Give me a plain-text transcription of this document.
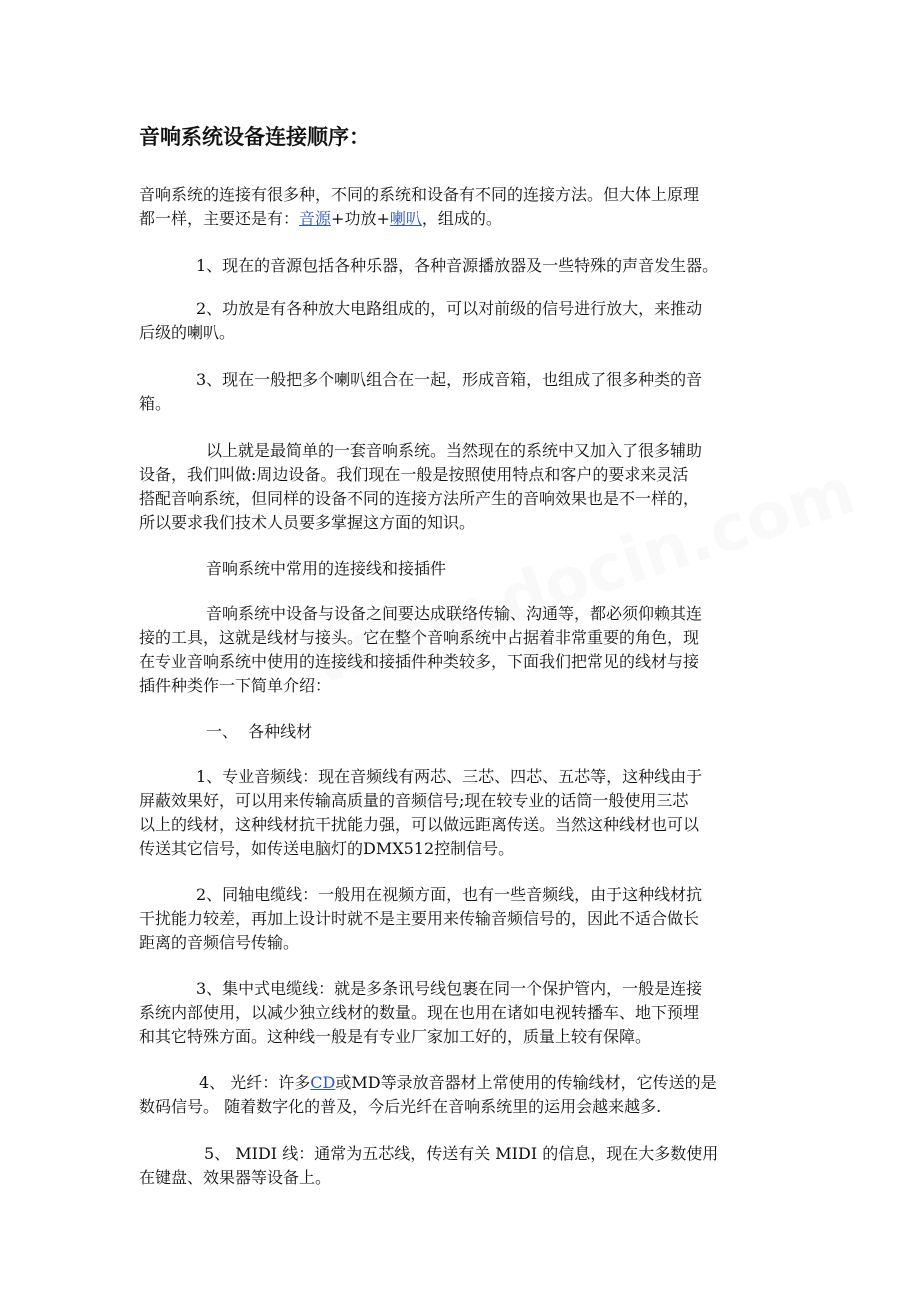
音响系统设备连接顺序：
音响系统的连接有很多种，不同的系统和设备有不同的连接方法。但大体上原理
都一样，主要还是有：音源+功放+喇叭，组成的。
1、现在的音源包括各种乐器，各种音源播放器及一些特殊的声音发生器。
2、功放是有各种放大电路组成的，可以对前级的信号进行放大，来推动
后级的喇叭。
3、现在一般把多个喇叭组合在一起，形成音箱，也组成了很多种类的音
箱。
以上就是最简单的一套音响系统。当然现在的系统中又加入了很多辅助
设备，我们叫做:周边设备。我们现在一般是按照使用特点和客户的要求来灵活
搭配音响系统，但同样的设备不同的连接方法所产生的音响效果也是不一样的，
所以要求我们技术人员要多掌握这方面的知识。
音响系统中常用的连接线和接插件
音响系统中设备与设备之间要达成联络传输、沟通等，都必须仰赖其连
接的工具，这就是线材与接头。它在整个音响系统中占据着非常重要的角色，现
在专业音响系统中使用的连接线和接插件种类较多，下面我们把常见的线材与接
插件种类作一下简单介绍：
一、  各种线材
1、专业音频线：现在音频线有两芯、三芯、四芯、五芯等，这种线由于
屏蔽效果好，可以用来传输高质量的音频信号;现在较专业的话筒一般使用三芯
以上的线材，这种线材抗干扰能力强，可以做远距离传送。当然这种线材也可以
传送其它信号，如传送电脑灯的DMX512控制信号。
2、同轴电缆线：一般用在视频方面，也有一些音频线，由于这种线材抗
干扰能力较差，再加上设计时就不是主要用来传输音频信号的，因此不适合做长
距离的音频信号传输。
3、集中式电缆线：就是多条讯号线包裹在同一个保护管内，一般是连接
系统内部使用，以减少独立线材的数量。现在也用在诸如电视转播车、地下预埋
和其它特殊方面。这种线一般是有专业厂家加工好的，质量上较有保障。
4、 光纤：许多CD或MD等录放音器材上常使用的传输线材，它传送的是
数码信号。 随着数字化的普及，今后光纤在音响系统里的运用会越来越多.
5、 MIDI 线：通常为五芯线，传送有关 MIDI 的信息，现在大多数使用
在键盘、效果器等设备上。
